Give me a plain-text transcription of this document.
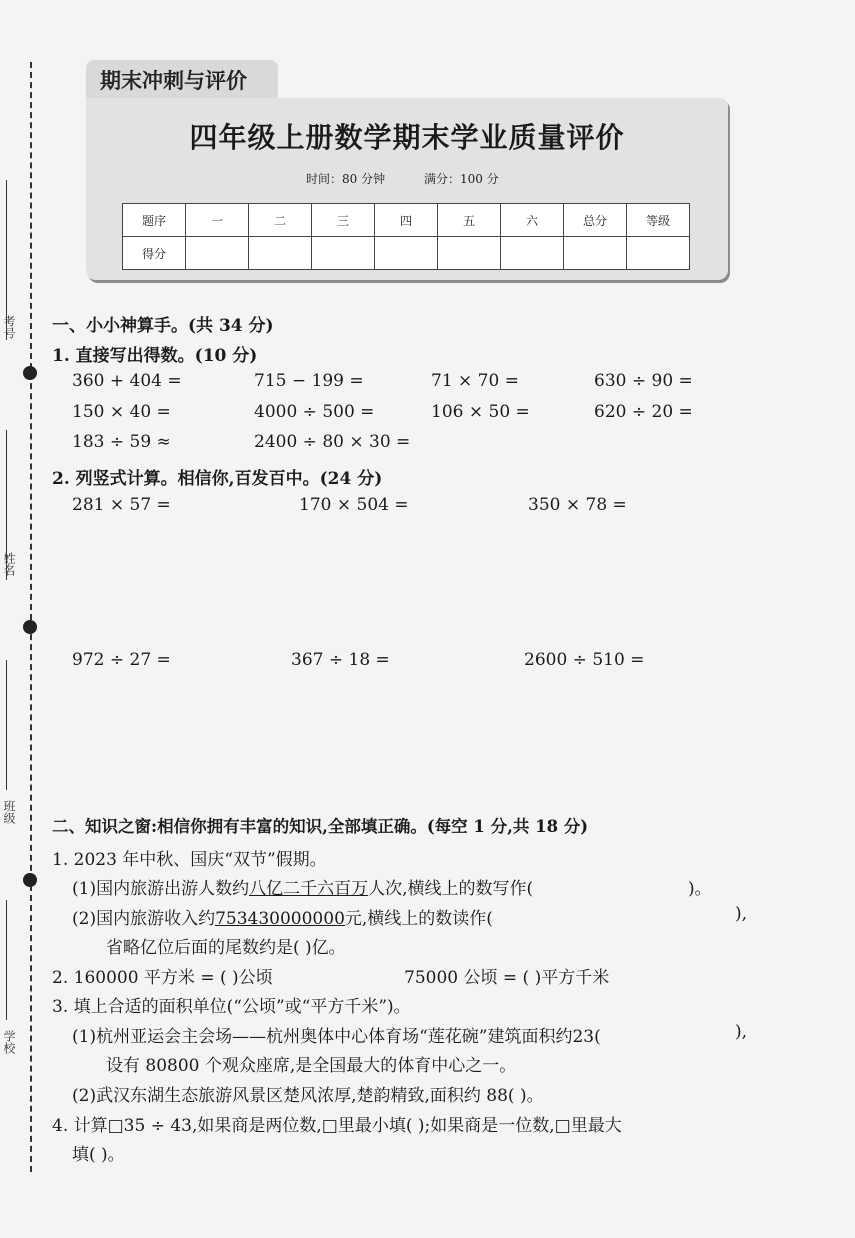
考号
姓名
班级
学校
期末冲刺与评价
四年级上册数学期末学业质量评价
时间：80 分钟	满分：100 分
题序	一	二	三	四	五	六	总分	等级
得分								
一、小小神算手。(共 34 分)
1. 直接写出得数。(10 分)
360 + 404 =	715 − 199 =	71 × 70 =	630 ÷ 90 =
150 × 40 =	4000 ÷ 500 =	106 × 50 =	620 ÷ 20 =
183 ÷ 59 ≈	2400 ÷ 80 × 30 =
2. 列竖式计算。相信你,百发百中。(24 分)
281 × 57 =	170 × 504 =	350 × 78 =
972 ÷ 27 =	367 ÷ 18 =	2600 ÷ 510 =
二、知识之窗:相信你拥有丰富的知识,全部填正确。(每空 1 分,共 18 分)
1. 2023 年中秋、国庆“双节”假期。
(1)国内旅游出游人数约八亿二千六百万人次,横线上的数写作(	)。
(2)国内旅游收入约753430000000元,横线上的数读作(	),
省略亿位后面的尾数约是( )亿。
2. 160000 平方米 = ( )公顷	75000 公顷 = ( )平方千米
3. 填上合适的面积单位(“公顷”或“平方千米”)。
(1)杭州亚运会主会场——杭州奥体中心体育场“莲花碗”建筑面积约23(	),
设有 80800 个观众座席,是全国最大的体育中心之一。
(2)武汉东湖生态旅游风景区楚风浓厚,楚韵精致,面积约 88( )。
4. 计算□35 ÷ 43,如果商是两位数,□里最小填( );如果商是一位数,□里最大
填( )。
